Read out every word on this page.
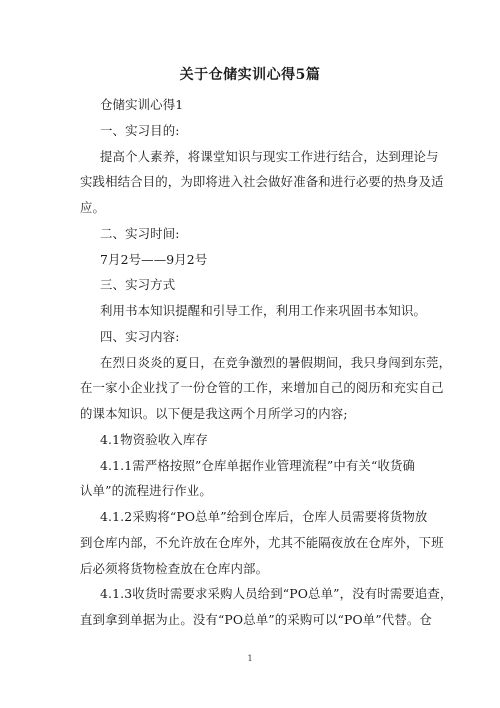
关于仓储实训心得5篇
仓储实训心得1
一、实习目的:
提高个人素养，将课堂知识与现实工作进行结合，达到理论与
实践相结合目的，为即将进入社会做好准备和进行必要的热身及适
应。
二、实习时间:
7月2号——9月2号
三、实习方式
利用书本知识提醒和引导工作，利用工作来巩固书本知识。
四、实习内容:
在烈日炎炎的夏日，在竞争激烈的暑假期间，我只身闯到东莞，
在一家小企业找了一份仓管的工作，来增加自己的阅历和充实自己
的课本知识。以下便是我这两个月所学习的内容;
4.1物资验收入库存
4.1.1需严格按照”仓库单据作业管理流程”中有关“收货确
认单”的流程进行作业。
4.1.2采购将“PO总单”给到仓库后，仓库人员需要将货物放
到仓库内部，不允许放在仓库外，尤其不能隔夜放在仓库外，下班
后必须将货物检查放在仓库内部。
4.1.3收货时需要求采购人员给到“PO总单”，没有时需要追查，
直到拿到单据为止。没有“PO总单”的采购可以“PO单”代替。仓
1
